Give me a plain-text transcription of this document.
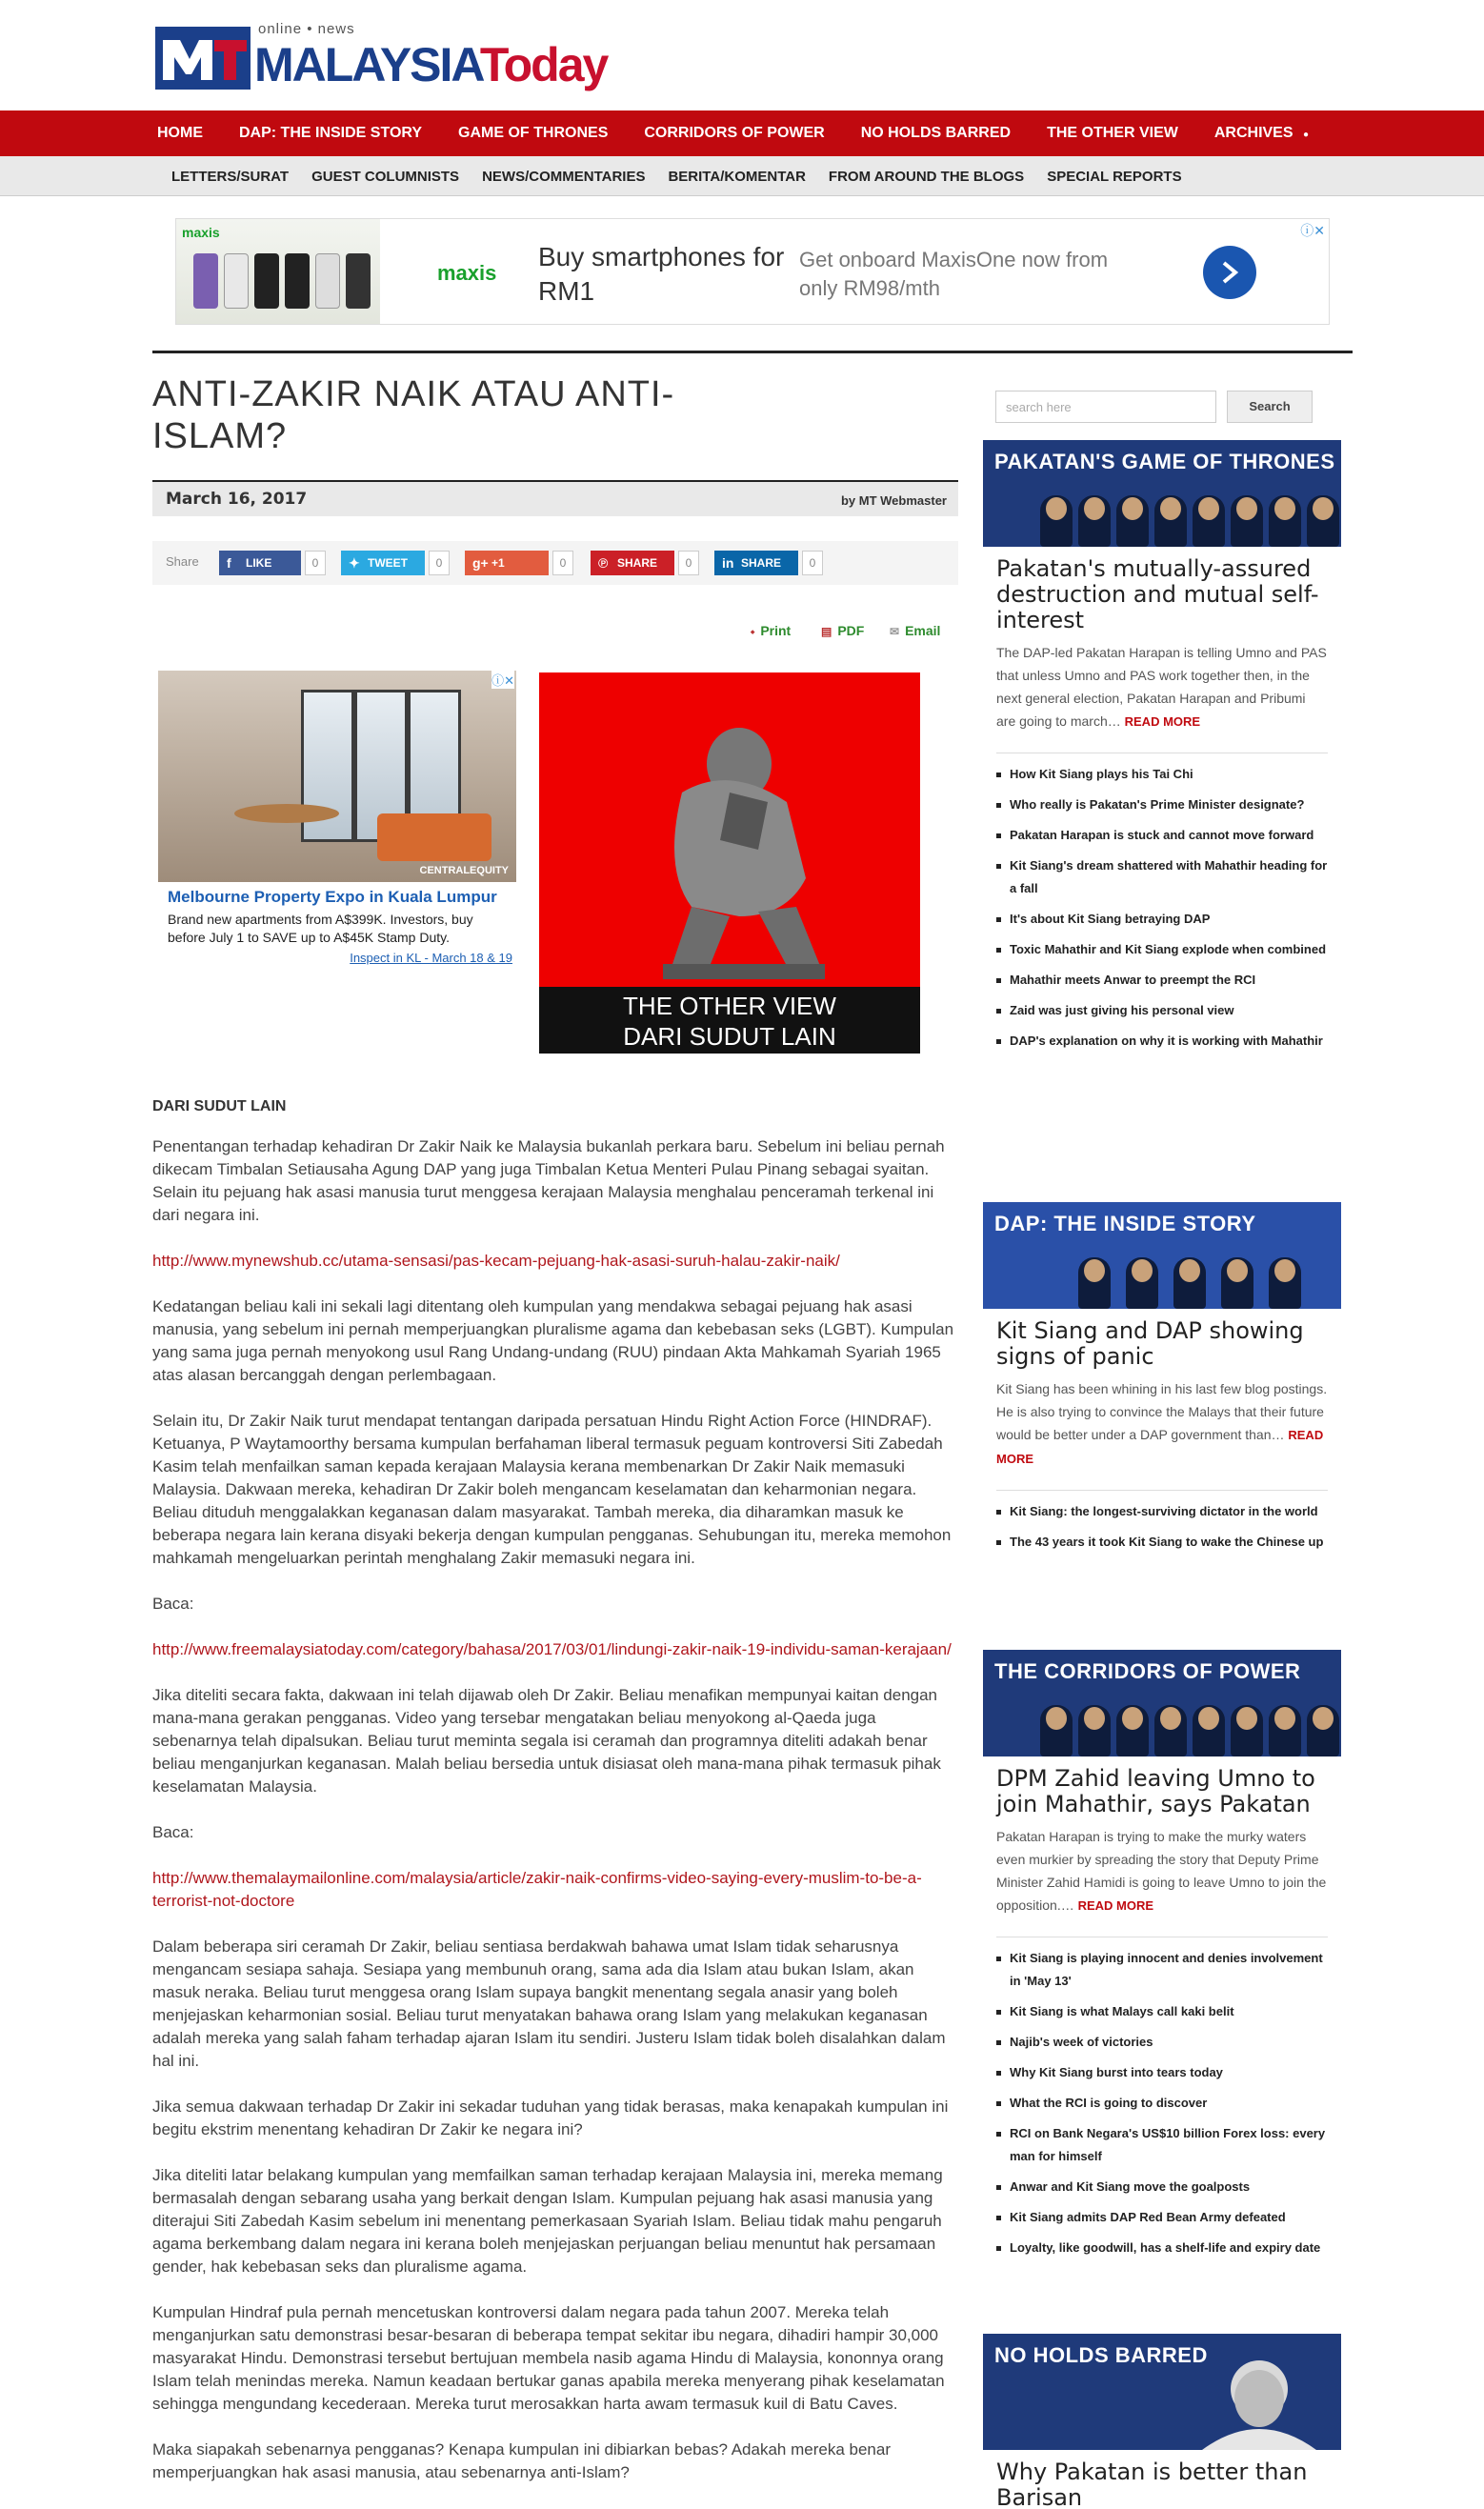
online • news
MALAYSIAToday
HOME DAP: THE INSIDE STORY GAME OF THRONES CORRIDORS OF POWER NO HOLDS BARRED THE OTHER VIEW ARCHIVES ●
LETTERS/SURAT GUEST COLUMNISTS NEWS/COMMENTARIES BERITA/KOMENTAR FROM AROUND THE BLOGS SPECIAL REPORTS
maxis
maxis
Buy smartphones for RM1
Get onboard MaxisOne now from only RM98/mth
ⓘ✕
ANTI-ZAKIR NAIK ATAU ANTI-ISLAM?
March 16, 2017	by MT Webmaster
Share f LIKE	0	✦ TWEET	0	g+ +1	0	℗ SHARE	0	in SHARE	0
⬩ Print	▤ PDF ✉ Email
CENTRALEQUITY
Melbourne Property Expo in Kuala Lumpur
Brand new apartments from A$399K. Investors, buy before July 1 to SAVE up to A$45K Stamp Duty.
Inspect in KL - March 18 & 19
ⓘ✕
THE OTHER VIEW
DARI SUDUT LAIN
DARI SUDUT LAIN

Penentangan terhadap kehadiran Dr Zakir Naik ke Malaysia bukanlah perkara baru. Sebelum ini beliau pernah dikecam Timbalan Setiausaha Agung DAP yang juga Timbalan Ketua Menteri Pulau Pinang sebagai syaitan. Selain itu pejuang hak asasi manusia turut menggesa kerajaan Malaysia menghalau penceramah terkenal ini dari negara ini.

http://www.mynewshub.cc/utama-sensasi/pas-kecam-pejuang-hak-asasi-suruh-halau-zakir-naik/

Kedatangan beliau kali ini sekali lagi ditentang oleh kumpulan yang mendakwa sebagai pejuang hak asasi manusia, yang sebelum ini pernah memperjuangkan pluralisme agama dan kebebasan seks (LGBT). Kumpulan yang sama juga pernah menyokong usul Rang Undang-undang (RUU) pindaan Akta Mahkamah Syariah 1965 atas alasan bercanggah dengan perlembagaan.

Selain itu, Dr Zakir Naik turut mendapat tentangan daripada persatuan Hindu Right Action Force (HINDRAF). Ketuanya, P Waytamoorthy bersama kumpulan berfahaman liberal termasuk peguam kontroversi Siti Zabedah Kasim telah menfailkan saman kepada kerajaan Malaysia kerana membenarkan Dr Zakir Naik memasuki Malaysia. Dakwaan mereka, kehadiran Dr Zakir boleh mengancam keselamatan dan keharmonian negara. Beliau dituduh menggalakkan keganasan dalam masyarakat. Tambah mereka, dia diharamkan masuk ke beberapa negara lain kerana disyaki bekerja dengan kumpulan pengganas. Sehubungan itu, mereka memohon mahkamah mengeluarkan perintah menghalang Zakir memasuki negara ini.

Baca:

http://www.freemalaysiatoday.com/category/bahasa/2017/03/01/lindungi-zakir-naik-19-individu-saman-kerajaan/

Jika diteliti secara fakta, dakwaan ini telah dijawab oleh Dr Zakir. Beliau menafikan mempunyai kaitan dengan mana-mana gerakan pengganas. Video yang tersebar mengatakan beliau menyokong al-Qaeda juga sebenarnya telah dipalsukan. Beliau turut meminta segala isi ceramah dan programnya diteliti adakah benar beliau menganjurkan keganasan. Malah beliau bersedia untuk disiasat oleh mana-mana pihak termasuk pihak keselamatan Malaysia.

Baca:

http://www.themalaymailonline.com/malaysia/article/zakir-naik-confirms-video-saying-every-muslim-to-be-a-terrorist-not-doctore

Dalam beberapa siri ceramah Dr Zakir, beliau sentiasa berdakwah bahawa umat Islam tidak seharusnya mengancam sesiapa sahaja. Sesiapa yang membunuh orang, sama ada dia Islam atau bukan Islam, akan masuk neraka. Beliau turut menggesa orang Islam supaya bangkit menentang segala anasir yang boleh menjejaskan keharmonian sosial. Beliau turut menyatakan bahawa orang Islam yang melakukan keganasan adalah mereka yang salah faham terhadap ajaran Islam itu sendiri. Justeru Islam tidak boleh disalahkan dalam hal ini.

Jika semua dakwaan terhadap Dr Zakir ini sekadar tuduhan yang tidak berasas, maka kenapakah kumpulan ini begitu ekstrim menentang kehadiran Dr Zakir ke negara ini?

Jika diteliti latar belakang kumpulan yang memfailkan saman terhadap kerajaan Malaysia ini, mereka memang bermasalah dengan sebarang usaha yang berkait dengan Islam. Kumpulan pejuang hak asasi manusia yang diterajui Siti Zabedah Kasim sebelum ini menentang pemerkasaan Syariah Islam. Beliau tidak mahu pengaruh agama berkembang dalam negara ini kerana boleh menjejaskan perjuangan beliau menuntut hak persamaan gender, hak kebebasan seks dan pluralisme agama.

Kumpulan Hindraf pula pernah mencetuskan kontroversi dalam negara pada tahun 2007. Mereka telah menganjurkan satu demonstrasi besar-besaran di beberapa tempat sekitar ibu negara, dihadiri hampir 30,000 masyarakat Hindu. Demonstrasi tersebut bertujuan membela nasib agama Hindu di Malaysia, kononnya orang Islam telah menindas mereka. Namun keadaan bertukar ganas apabila mereka menyerang pihak keselamatan sehingga mengundang kecederaan. Mereka turut merosakkan harta awam termasuk kuil di Batu Caves.

Maka siapakah sebenarnya pengganas? Kenapa kumpulan ini dibiarkan bebas? Adakah mereka benar memperjuangkan hak asasi manusia, atau sebenarnya anti-Islam?

search here	Search
PAKATAN'S GAME OF THRONES
Pakatan's mutually-assured destruction and mutual self-interest
The DAP-led Pakatan Harapan is telling Umno and PAS that unless Umno and PAS work together then, in the next general election, Pakatan Harapan and Pribumi are going to march… READ MORE
How Kit Siang plays his Tai Chi
Who really is Pakatan's Prime Minister designate?
Pakatan Harapan is stuck and cannot move forward
Kit Siang's dream shattered with Mahathir heading for a fall
It's about Kit Siang betraying DAP
Toxic Mahathir and Kit Siang explode when combined
Mahathir meets Anwar to preempt the RCI
Zaid was just giving his personal view
DAP's explanation on why it is working with Mahathir
DAP: THE INSIDE STORY
Kit Siang and DAP showing signs of panic
Kit Siang has been whining in his last few blog postings. He is also trying to convince the Malays that their future would be better under a DAP government than… READ MORE
Kit Siang: the longest-surviving dictator in the world
The 43 years it took Kit Siang to wake the Chinese up
THE CORRIDORS OF POWER
DPM Zahid leaving Umno to join Mahathir, says Pakatan
Pakatan Harapan is trying to make the murky waters even murkier by spreading the story that Deputy Prime Minister Zahid Hamidi is going to leave Umno to join the opposition.… READ MORE
Kit Siang is playing innocent and denies involvement in 'May 13'
Kit Siang is what Malays call kaki belit
Najib's week of victories
Why Kit Siang burst into tears today
What the RCI is going to discover
RCI on Bank Negara's US$10 billion Forex loss: every man for himself
Anwar and Kit Siang move the goalposts
Kit Siang admits DAP Red Bean Army defeated
Loyalty, like goodwill, has a shelf-life and expiry date
NO HOLDS BARRED
Why Pakatan is better than Barisan
